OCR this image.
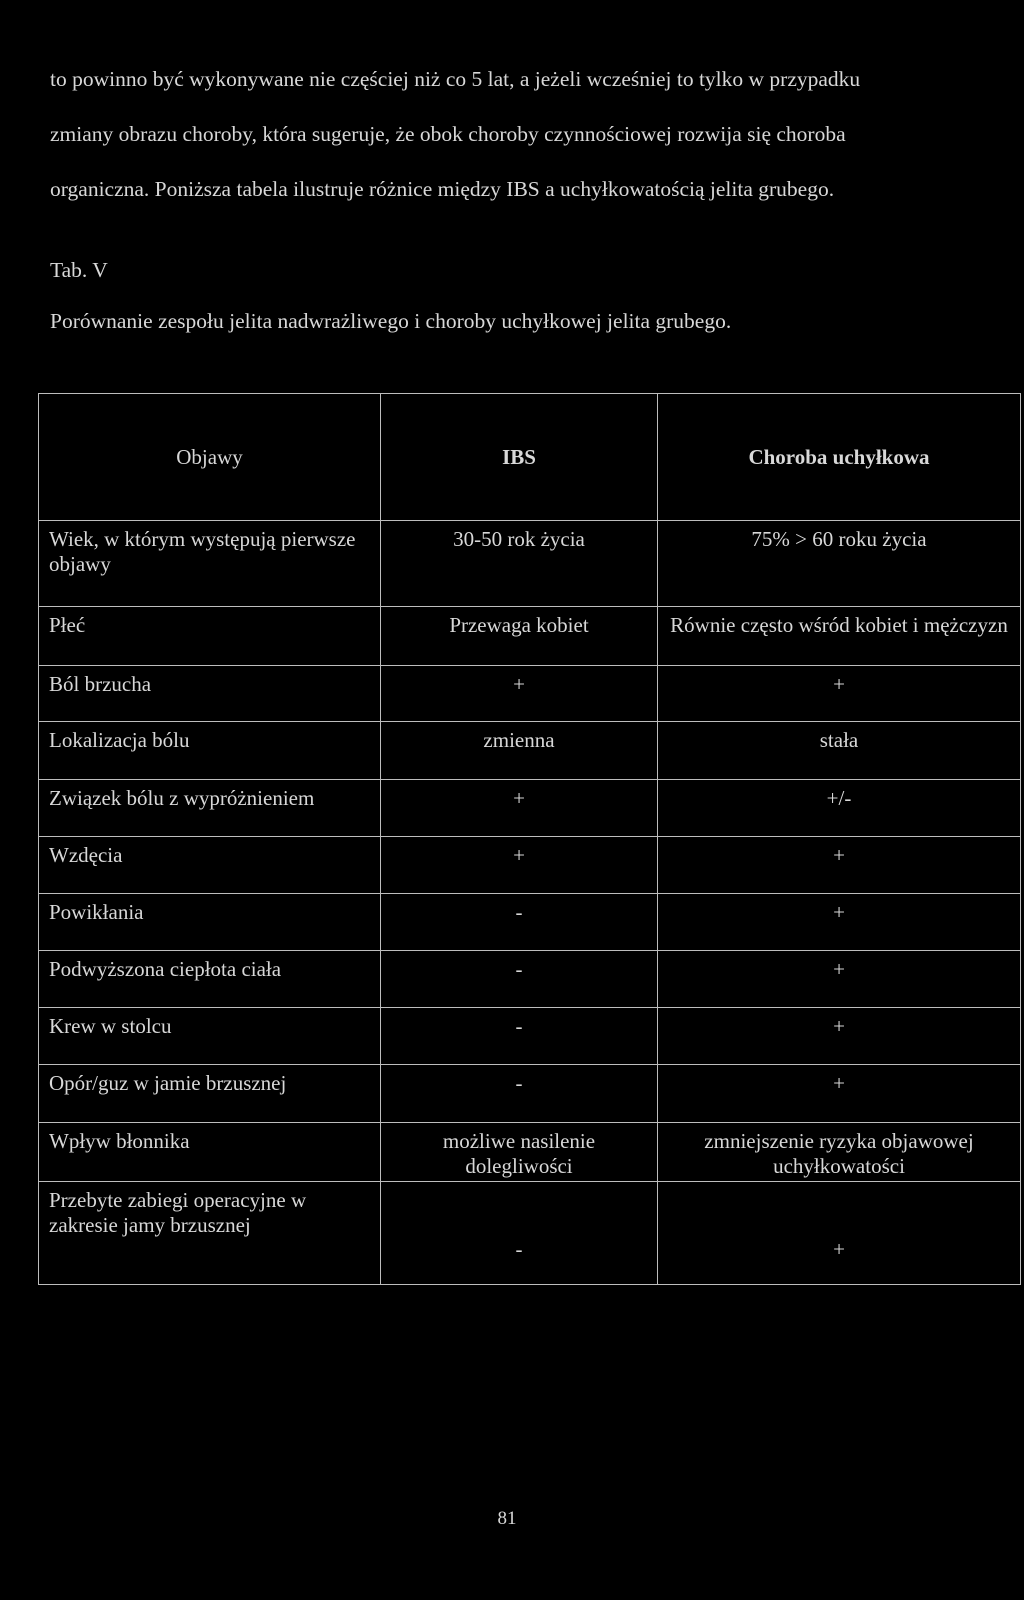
to powinno być wykonywane nie częściej niż co 5 lat, a jeżeli wcześniej to tylko w przypadku
zmiany obrazu choroby, która sugeruje, że obok choroby czynnościowej rozwija się choroba
organiczna. Poniższa tabela ilustruje różnice między IBS a uchyłkowatością jelita grubego.

Tab. V

Porównanie zespołu jelita nadwrażliwego i choroby uchyłkowej jelita grubego.

Objawy	IBS	Choroba uchyłkowa
Wiek, w którym występują pierwsze objawy	30-50 rok życia	75% > 60 roku życia
Płeć	Przewaga kobiet	Równie często wśród kobiet i mężczyzn
Ból brzucha	+	+
Lokalizacja bólu	zmienna	stała
Związek bólu z wypróżnieniem	+	+/-
Wzdęcia	+	+
Powikłania	-	+
Podwyższona ciepłota ciała	-	+
Krew w stolcu	-	+
Opór/guz w jamie brzusznej	-	+
Wpływ błonnika	możliwe nasilenie dolegliwości	zmniejszenie ryzyka objawowej uchyłkowatości
Przebyte zabiegi operacyjne w zakresie jamy brzusznej	-	+

81
